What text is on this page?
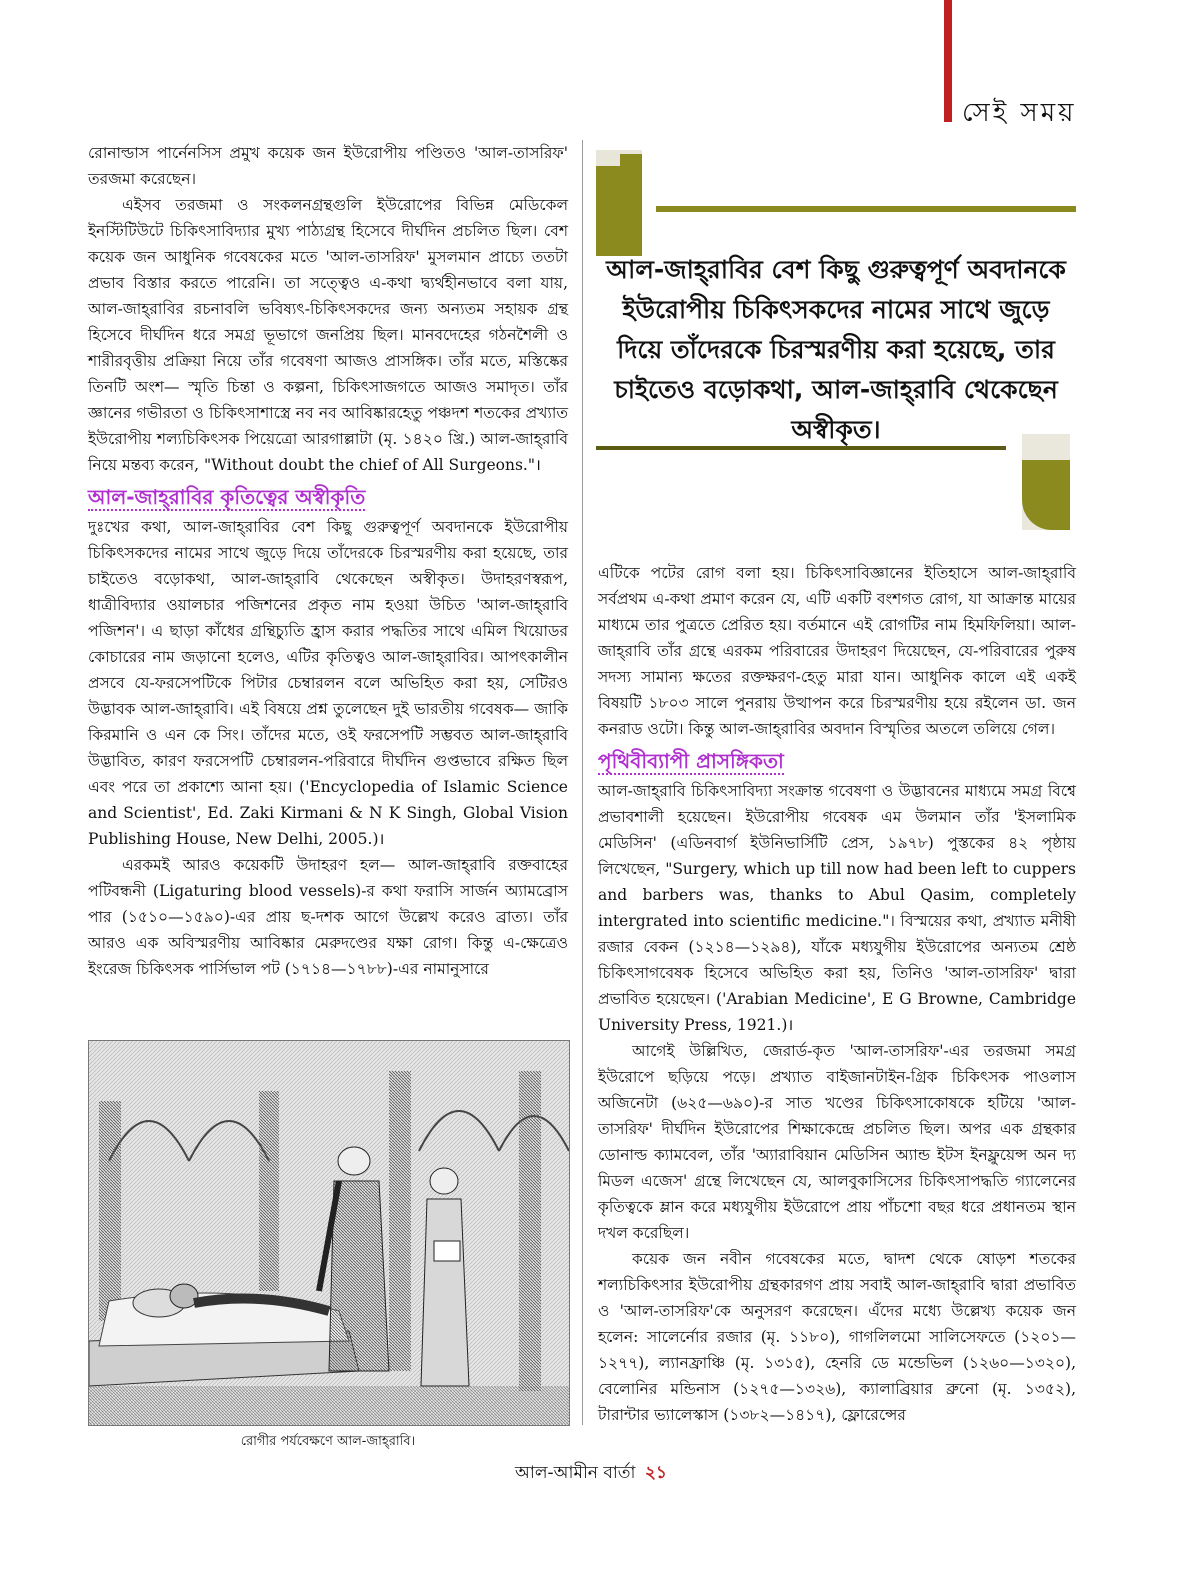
সেই সময়

রোনাল্ডাস পার্নেনসিস প্রমুখ কয়েক জন ইউরোপীয় পণ্ডিতও 'আল-তাসরিফ' তরজমা করেছেন।

এইসব তরজমা ও সংকলনগ্রন্থগুলি ইউরোপের বিভিন্ন মেডিকেল ইনস্টিটিউটে চিকিৎসাবিদ্যার মুখ্য পাঠ্যগ্রন্থ হিসেবে দীর্ঘদিন প্রচলিত ছিল। বেশ কয়েক জন আধুনিক গবেষকের মতে 'আল-তাসরিফ' মুসলমান প্রাচ্যে ততটা প্রভাব বিস্তার করতে পারেনি। তা সত্ত্বেও এ-কথা দ্ব্যর্থহীনভাবে বলা যায়, আল-জাহ্‌রাবির রচনাবলি ভবিষ্যৎ-চিকিৎসকদের জন্য অন্যতম সহায়ক গ্রন্থ হিসেবে দীর্ঘদিন ধরে সমগ্র ভূভাগে জনপ্রিয় ছিল। মানবদেহের গঠনশৈলী ও শারীরবৃত্তীয় প্রক্রিয়া নিয়ে তাঁর গবেষণা আজও প্রাসঙ্গিক। তাঁর মতে, মস্তিষ্কের তিনটি অংশ— স্মৃতি চিন্তা ও কল্পনা, চিকিৎসাজগতে আজও সমাদৃত। তাঁর জ্ঞানের গভীরতা ও চিকিৎসাশাস্ত্রে নব নব আবিষ্কারহেতু পঞ্চদশ শতকের প্রখ্যাত ইউরোপীয় শল্যচিকিৎসক পিয়েত্রো আরগাল্লাটা (মৃ. ১৪২০ খ্রি.) আল-জাহ্‌রাবি নিয়ে মন্তব্য করেন, "Without doubt the chief of All Surgeons."।

আল-জাহ্‌রাবির কৃতিত্বের অস্বীকৃতি

দুঃখের কথা, আল-জাহ্‌রাবির বেশ কিছু গুরুত্বপূর্ণ অবদানকে ইউরোপীয় চিকিৎসকদের নামের সাথে জুড়ে দিয়ে তাঁদেরকে চিরস্মরণীয় করা হয়েছে, তার চাইতেও বড়োকথা, আল-জাহ্‌রাবি থেকেছেন অস্বীকৃত। উদাহরণস্বরূপ, ধাত্রীবিদ্যার ওয়ালচার পজিশনের প্রকৃত নাম হওয়া উচিত 'আল-জাহ্‌রাবি পজিশন'। এ ছাড়া কাঁধের গ্রন্থিচ্যুতি হ্রাস করার পদ্ধতির সাথে এমিল খিয়োডর কোচারের নাম জড়ানো হলেও, এটির কৃতিত্বও আল-জাহ্‌রাবির। আপৎকালীন প্রসবে যে-ফরসেপটিকে পিটার চেম্বারলন বলে অভিহিত করা হয়, সেটিরও উদ্ভাবক আল-জাহ্‌রাবি। এই বিষয়ে প্রশ্ন তুলেছেন দুই ভারতীয় গবেষক— জাকি কিরমানি ও এন কে সিং। তাঁদের মতে, ওই ফরসেপটি সম্ভবত আল-জাহ্‌রাবি উদ্ভাবিত, কারণ ফরসেপটি চেম্বারলন-পরিবারে দীর্ঘদিন গুপ্তভাবে রক্ষিত ছিল এবং পরে তা প্রকাশ্যে আনা হয়। ('Encyclopedia of Islamic Science and Scientist', Ed. Zaki Kirmani & N K Singh, Global Vision Publishing House, New Delhi, 2005.)।

এরকমই আরও কয়েকটি উদাহরণ হল— আল-জাহ্‌রাবি রক্তবাহের পটিবন্ধনী (Ligaturing blood vessels)-র কথা ফরাসি সার্জন অ্যামব্রোস পার (১৫১০—১৫৯০)-এর প্রায় ছ-দশক আগে উল্লেখ করেও ব্রাত্য। তাঁর আরও এক অবিস্মরণীয় আবিষ্কার মেরুদণ্ডের যক্ষা রোগ। কিন্তু এ-ক্ষেত্রেও ইংরেজ চিকিৎসক পার্সিভাল পট (১৭১৪—১৭৮৮)-এর নামানুসারে

আল-জাহ্‌রাবির বেশ কিছু গুরুত্বপূর্ণ অবদানকে ইউরোপীয় চিকিৎসকদের নামের সাথে জুড়ে দিয়ে তাঁদেরকে চিরস্মরণীয় করা হয়েছে, তার চাইতেও বড়োকথা, আল-জাহ্‌রাবি থেকেছেন অস্বীকৃত।

এটিকে পটের রোগ বলা হয়। চিকিৎসাবিজ্ঞানের ইতিহাসে আল-জাহ্‌রাবি সর্বপ্রথম এ-কথা প্রমাণ করেন যে, এটি একটি বংশগত রোগ, যা আক্রান্ত মায়ের মাধ্যমে তার পুত্রতে প্রেরিত হয়। বর্তমানে এই রোগটির নাম হিমফিলিয়া। আল-জাহ্‌রাবি তাঁর গ্রন্থে এরকম পরিবারের উদাহরণ দিয়েছেন, যে-পরিবারের পুরুষ সদস্য সামান্য ক্ষতের রক্তক্ষরণ-হেতু মারা যান। আধুনিক কালে এই একই বিষয়টি ১৮০৩ সালে পুনরায় উত্থাপন করে চিরস্মরণীয় হয়ে রইলেন ডা. জন কনরাড ওটো। কিন্তু আল-জাহ্‌রাবির অবদান বিস্মৃতির অতলে তলিয়ে গেল।

পৃথিবীব্যাপী প্রাসঙ্গিকতা

আল-জাহ্‌রাবি চিকিৎসাবিদ্যা সংক্রান্ত গবেষণা ও উদ্ভাবনের মাধ্যমে সমগ্র বিশ্বে প্রভাবশালী হয়েছেন। ইউরোপীয় গবেষক এম উলমান তাঁর 'ইসলামিক মেডিসিন' (এডিনবার্গ ইউনিভার্সিটি প্রেস, ১৯৭৮) পুস্তকের ৪২ পৃষ্ঠায় লিখেছেন, "Surgery, which up till now had been left to cuppers and barbers was, thanks to Abul Qasim, completely intergrated into scientific medicine."। বিস্ময়ের কথা, প্রখ্যাত মনীষী রজার বেকন (১২১৪—১২৯৪), যাঁকে মধ্যযুগীয় ইউরোপের অন্যতম শ্রেষ্ঠ চিকিৎসাগবেষক হিসেবে অভিহিত করা হয়, তিনিও 'আল-তাসরিফ' দ্বারা প্রভাবিত হয়েছেন। ('Arabian Medicine', E G Browne, Cambridge University Press, 1921.)।

আগেই উল্লিখিত, জেরার্ড-কৃত 'আল-তাসরিফ'-এর তরজমা সমগ্র ইউরোপে ছড়িয়ে পড়ে। প্রখ্যাত বাইজানটাইন-গ্রিক চিকিৎসক পাওলাস অজিনেটা (৬২৫—৬৯০)-র সাত খণ্ডের চিকিৎসাকোষকে হটিয়ে 'আল-তাসরিফ' দীর্ঘদিন ইউরোপের শিক্ষাকেন্দ্রে প্রচলিত ছিল। অপর এক গ্রন্থকার ডোনাল্ড ক্যামবেল, তাঁর 'অ্যারাবিয়ান মেডিসিন অ্যান্ড ইটস ইনফ্লুয়েন্স অন দ্য মিডল এজেস' গ্রন্থে লিখেছেন যে, আলবুকাসিসের চিকিৎসাপদ্ধতি গ্যালেনের কৃতিত্বকে ম্লান করে মধ্যযুগীয় ইউরোপে প্রায় পাঁচশো বছর ধরে প্রধানতম স্থান দখল করেছিল।

কয়েক জন নবীন গবেষকের মতে, দ্বাদশ থেকে ষোড়শ শতকের শল্যচিকিৎসার ইউরোপীয় গ্রন্থকারগণ প্রায় সবাই আল-জাহ্‌রাবি দ্বারা প্রভাবিত ও 'আল-তাসরিফ'কে অনুসরণ করেছেন। এঁদের মধ্যে উল্লেখ্য কয়েক জন হলেন: সালের্নোর রজার (মৃ. ১১৮০), গাগলিলমো সালিসেফতে (১২০১—১২৭৭), ল্যানফ্রাঞ্চি (মৃ. ১৩১৫), হেনরি ডে মন্ডেভিল (১২৬০—১৩২০), বেলোনির মন্ডিনাস (১২৭৫—১৩২৬), ক্যালাব্রিয়ার ব্রুনো (মৃ. ১৩৫২), টারান্টার ভ্যালেস্কাস (১৩৮২—১৪১৭), ফ্লোরেন্সের

রোগীর পর্যবেক্ষণে আল-জাহ্‌রাবি।
আল-আমীন বার্তা ২১
